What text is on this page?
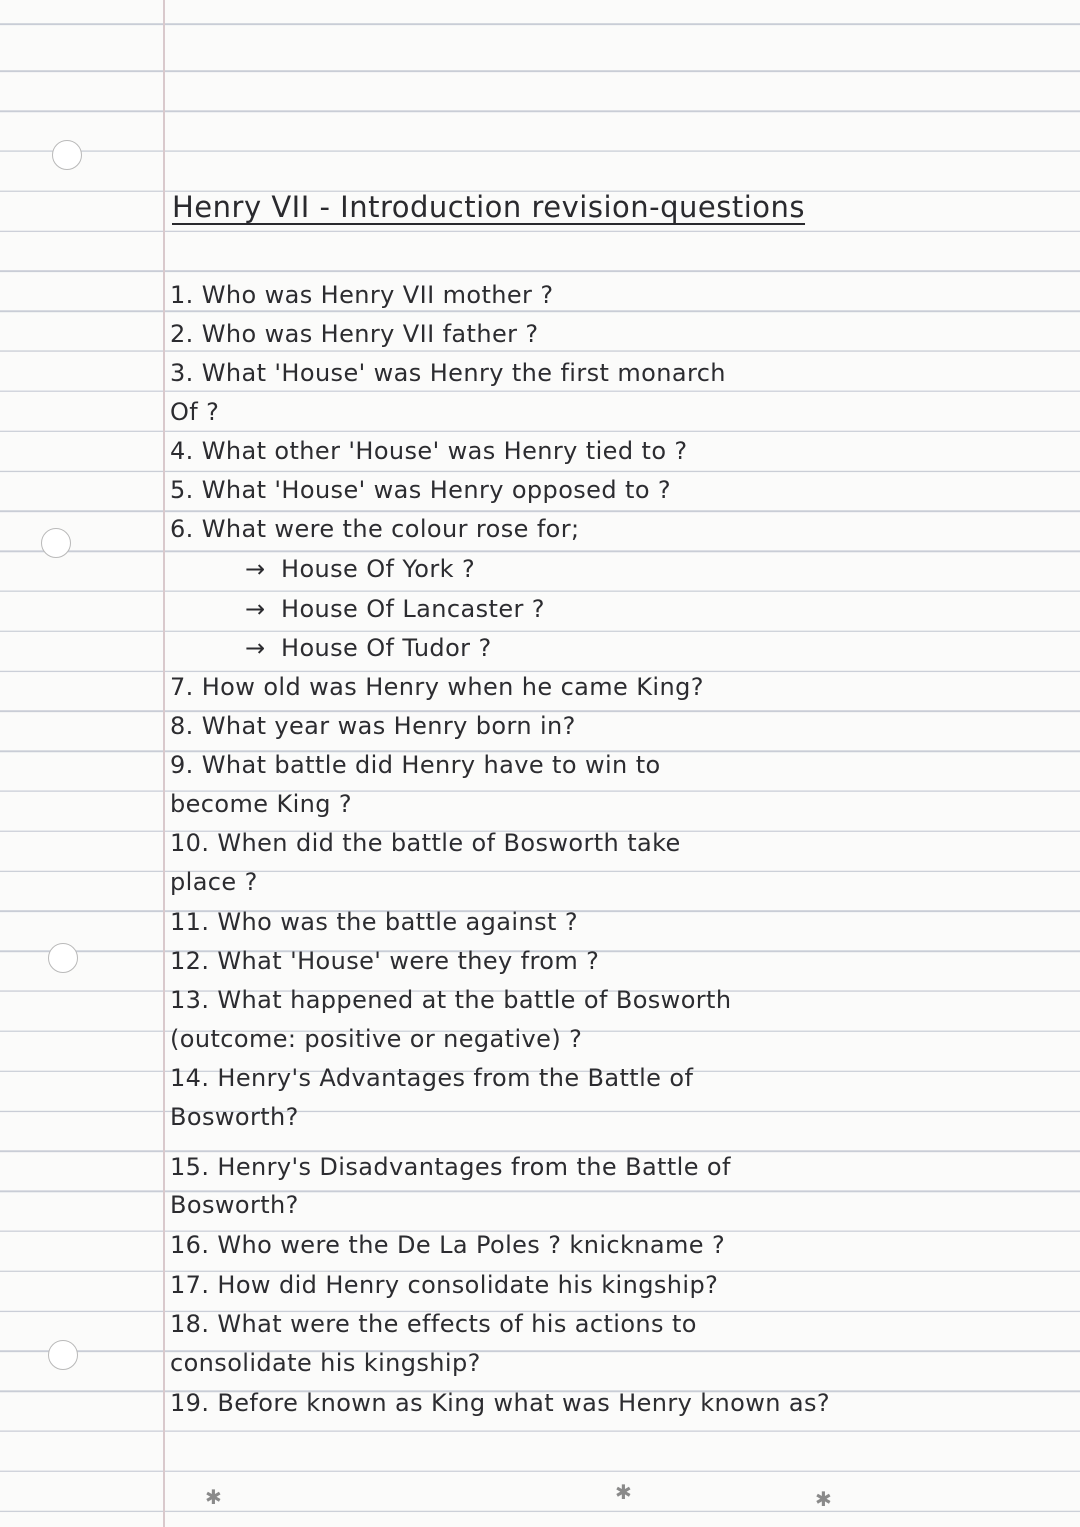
Henry VII - Introduction revision-questions
1. Who was Henry VII mother ?
2. Who was Henry VII father ?
3. What 'House' was Henry the first monarch
Of ?
4. What other 'House' was Henry tied to ?
5. What 'House' was Henry opposed to ?
6. What were the colour rose for;
→ House Of York ?
→ House Of Lancaster ?
→ House Of Tudor ?
7. How old was Henry when he came King?
8. What year was Henry born in?
9. What battle did Henry have to win to
become King ?
10. When did the battle of Bosworth take
place ?
11. Who was the battle against ?
12. What 'House' were they from ?
13. What happened at the battle of Bosworth
(outcome: positive or negative) ?
14. Henry's Advantages from the Battle of
Bosworth?
15. Henry's Disadvantages from the Battle of
Bosworth?
16. Who were the De La Poles ? knickname ?
17. How did Henry consolidate his kingship?
18. What were the effects of his actions to
consolidate his kingship?
19. Before known as King what was Henry known as?
✱	✱	✱
